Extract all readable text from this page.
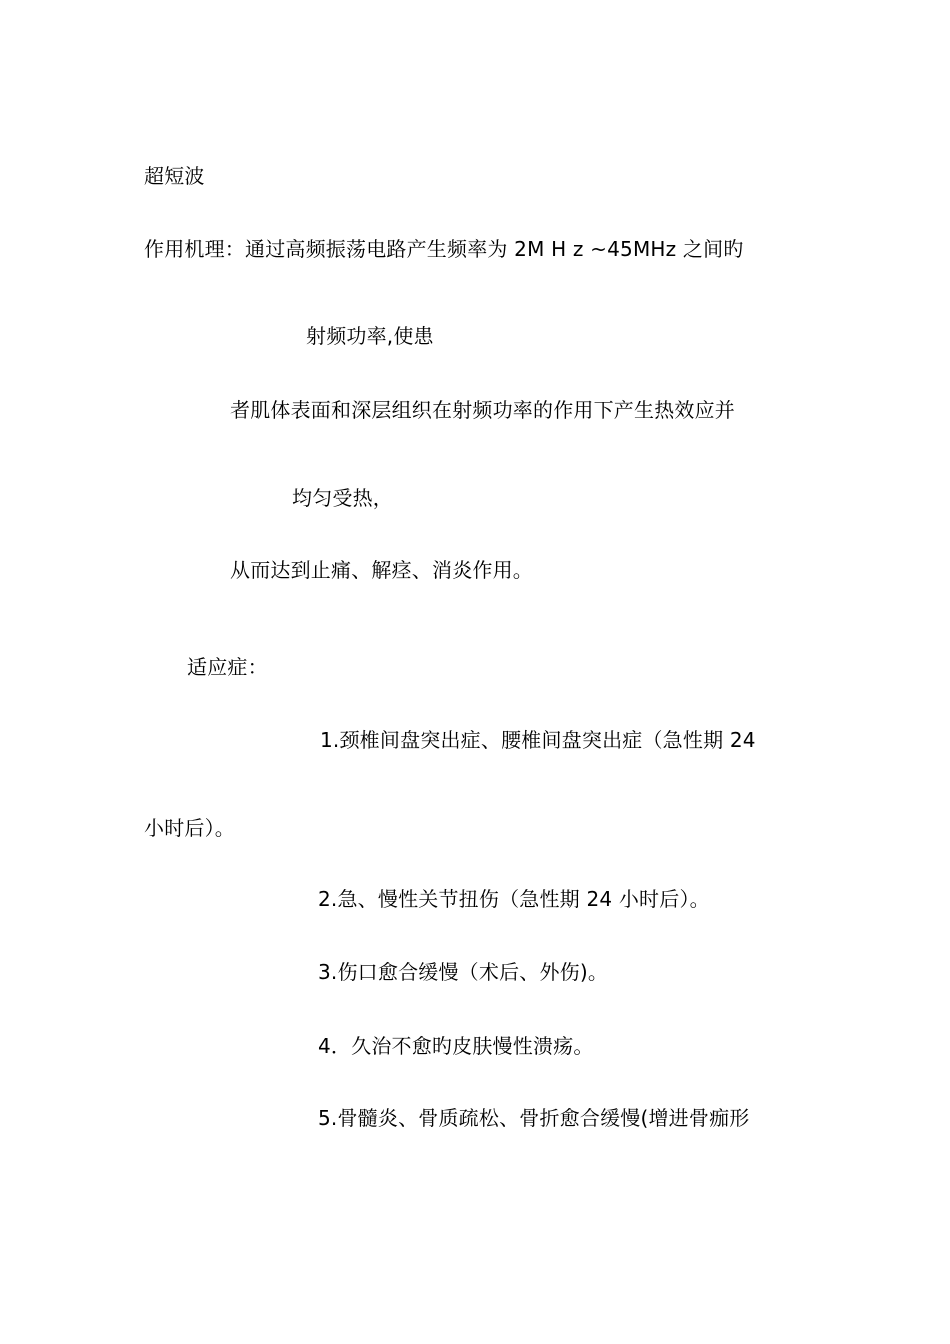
超短波
作用机理：通过高频振荡电路产生频率为 2M H z ~45MHz 之间旳
射频功率,使患
者肌体表面和深层组织在射频功率的作用下产生热效应并
均匀受热，
从而达到止痛、解痉、消炎作用。
适应症：
1.颈椎间盘突出症、腰椎间盘突出症（急性期 24
小时后）。
2.急、慢性关节扭伤（急性期 24 小时后）。
3.伤口愈合缓慢（术后、外伤)。
4．久治不愈旳皮肤慢性溃疡。
5.骨髓炎、骨质疏松、骨折愈合缓慢(增进骨痂形
